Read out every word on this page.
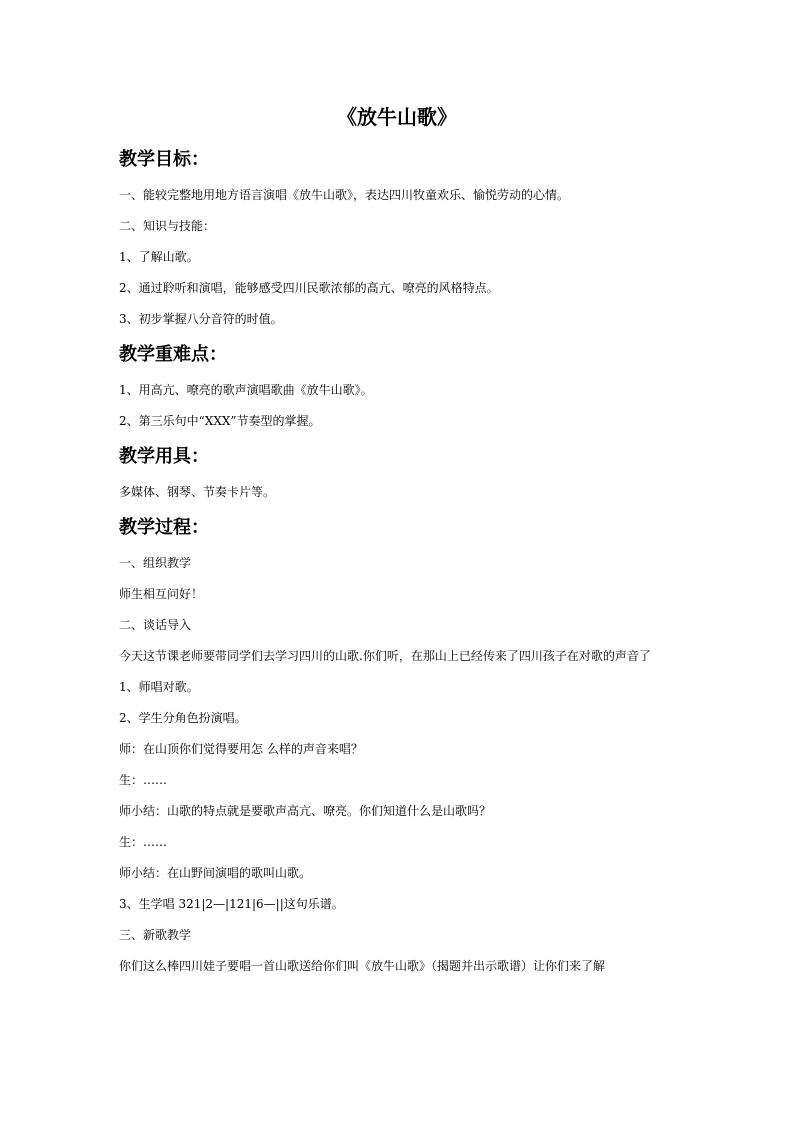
《放牛山歌》
教学目标：
一、能较完整地用地方语言演唱《放牛山歌》，表达四川牧童欢乐、愉悦劳动的心情。
二、知识与技能：
1、了解山歌。
2、通过聆听和演唱，能够感受四川民歌浓郁的高亢、嘹亮的风格特点。
3、初步掌握八分音符的时值。
教学重难点：
1、用高亢、嘹亮的歌声演唱歌曲《放牛山歌》。
2、第三乐句中“XXX”节奏型的掌握。
教学用具：
多媒体、钢琴、节奏卡片等。
教学过程：
一、组织教学
师生相互问好！
二、谈话导入
今天这节课老师要带同学们去学习四川的山歌.你们听，在那山上已经传来了四川孩子在对歌的声音了
1、师唱对歌。
2、学生分角色扮演唱。
师：在山顶你们觉得要用怎 么样的声音来唱？
生：……
师小结：山歌的特点就是要歌声高亢、嘹亮。你们知道什么是山歌吗？
生：……
师小结：在山野间演唱的歌叫山歌。
3、生学唱 321|2—|121|6—||这句乐谱。
三、新歌教学
你们这么棒四川娃子要唱一首山歌送给你们叫《放牛山歌》（揭题并出示歌谱）让你们来了解
